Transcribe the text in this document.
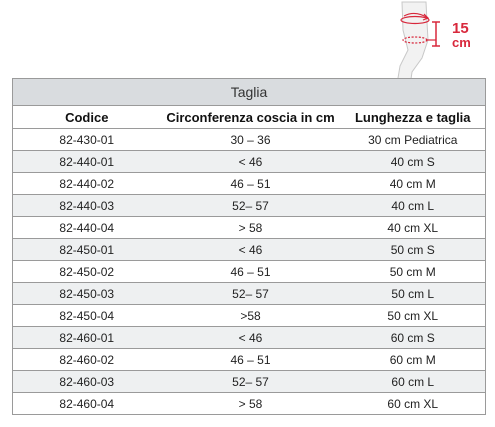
15
cm
Taglia		
Codice	Circonferenza coscia in cm	Lunghezza e taglia
82-430-01	30 – 36	30 cm Pediatrica
82-440-01	< 46	40 cm S
82-440-02	46 – 51	40 cm M
82-440-03	52– 57	40 cm L
82-440-04	> 58	40 cm XL
82-450-01	< 46	50 cm S
82-450-02	46 – 51	50 cm M
82-450-03	52– 57	50 cm L
82-450-04	>58	50 cm XL
82-460-01	< 46	60 cm S
82-460-02	46 – 51	60 cm M
82-460-03	52– 57	60 cm L
82-460-04	> 58	60 cm XL
